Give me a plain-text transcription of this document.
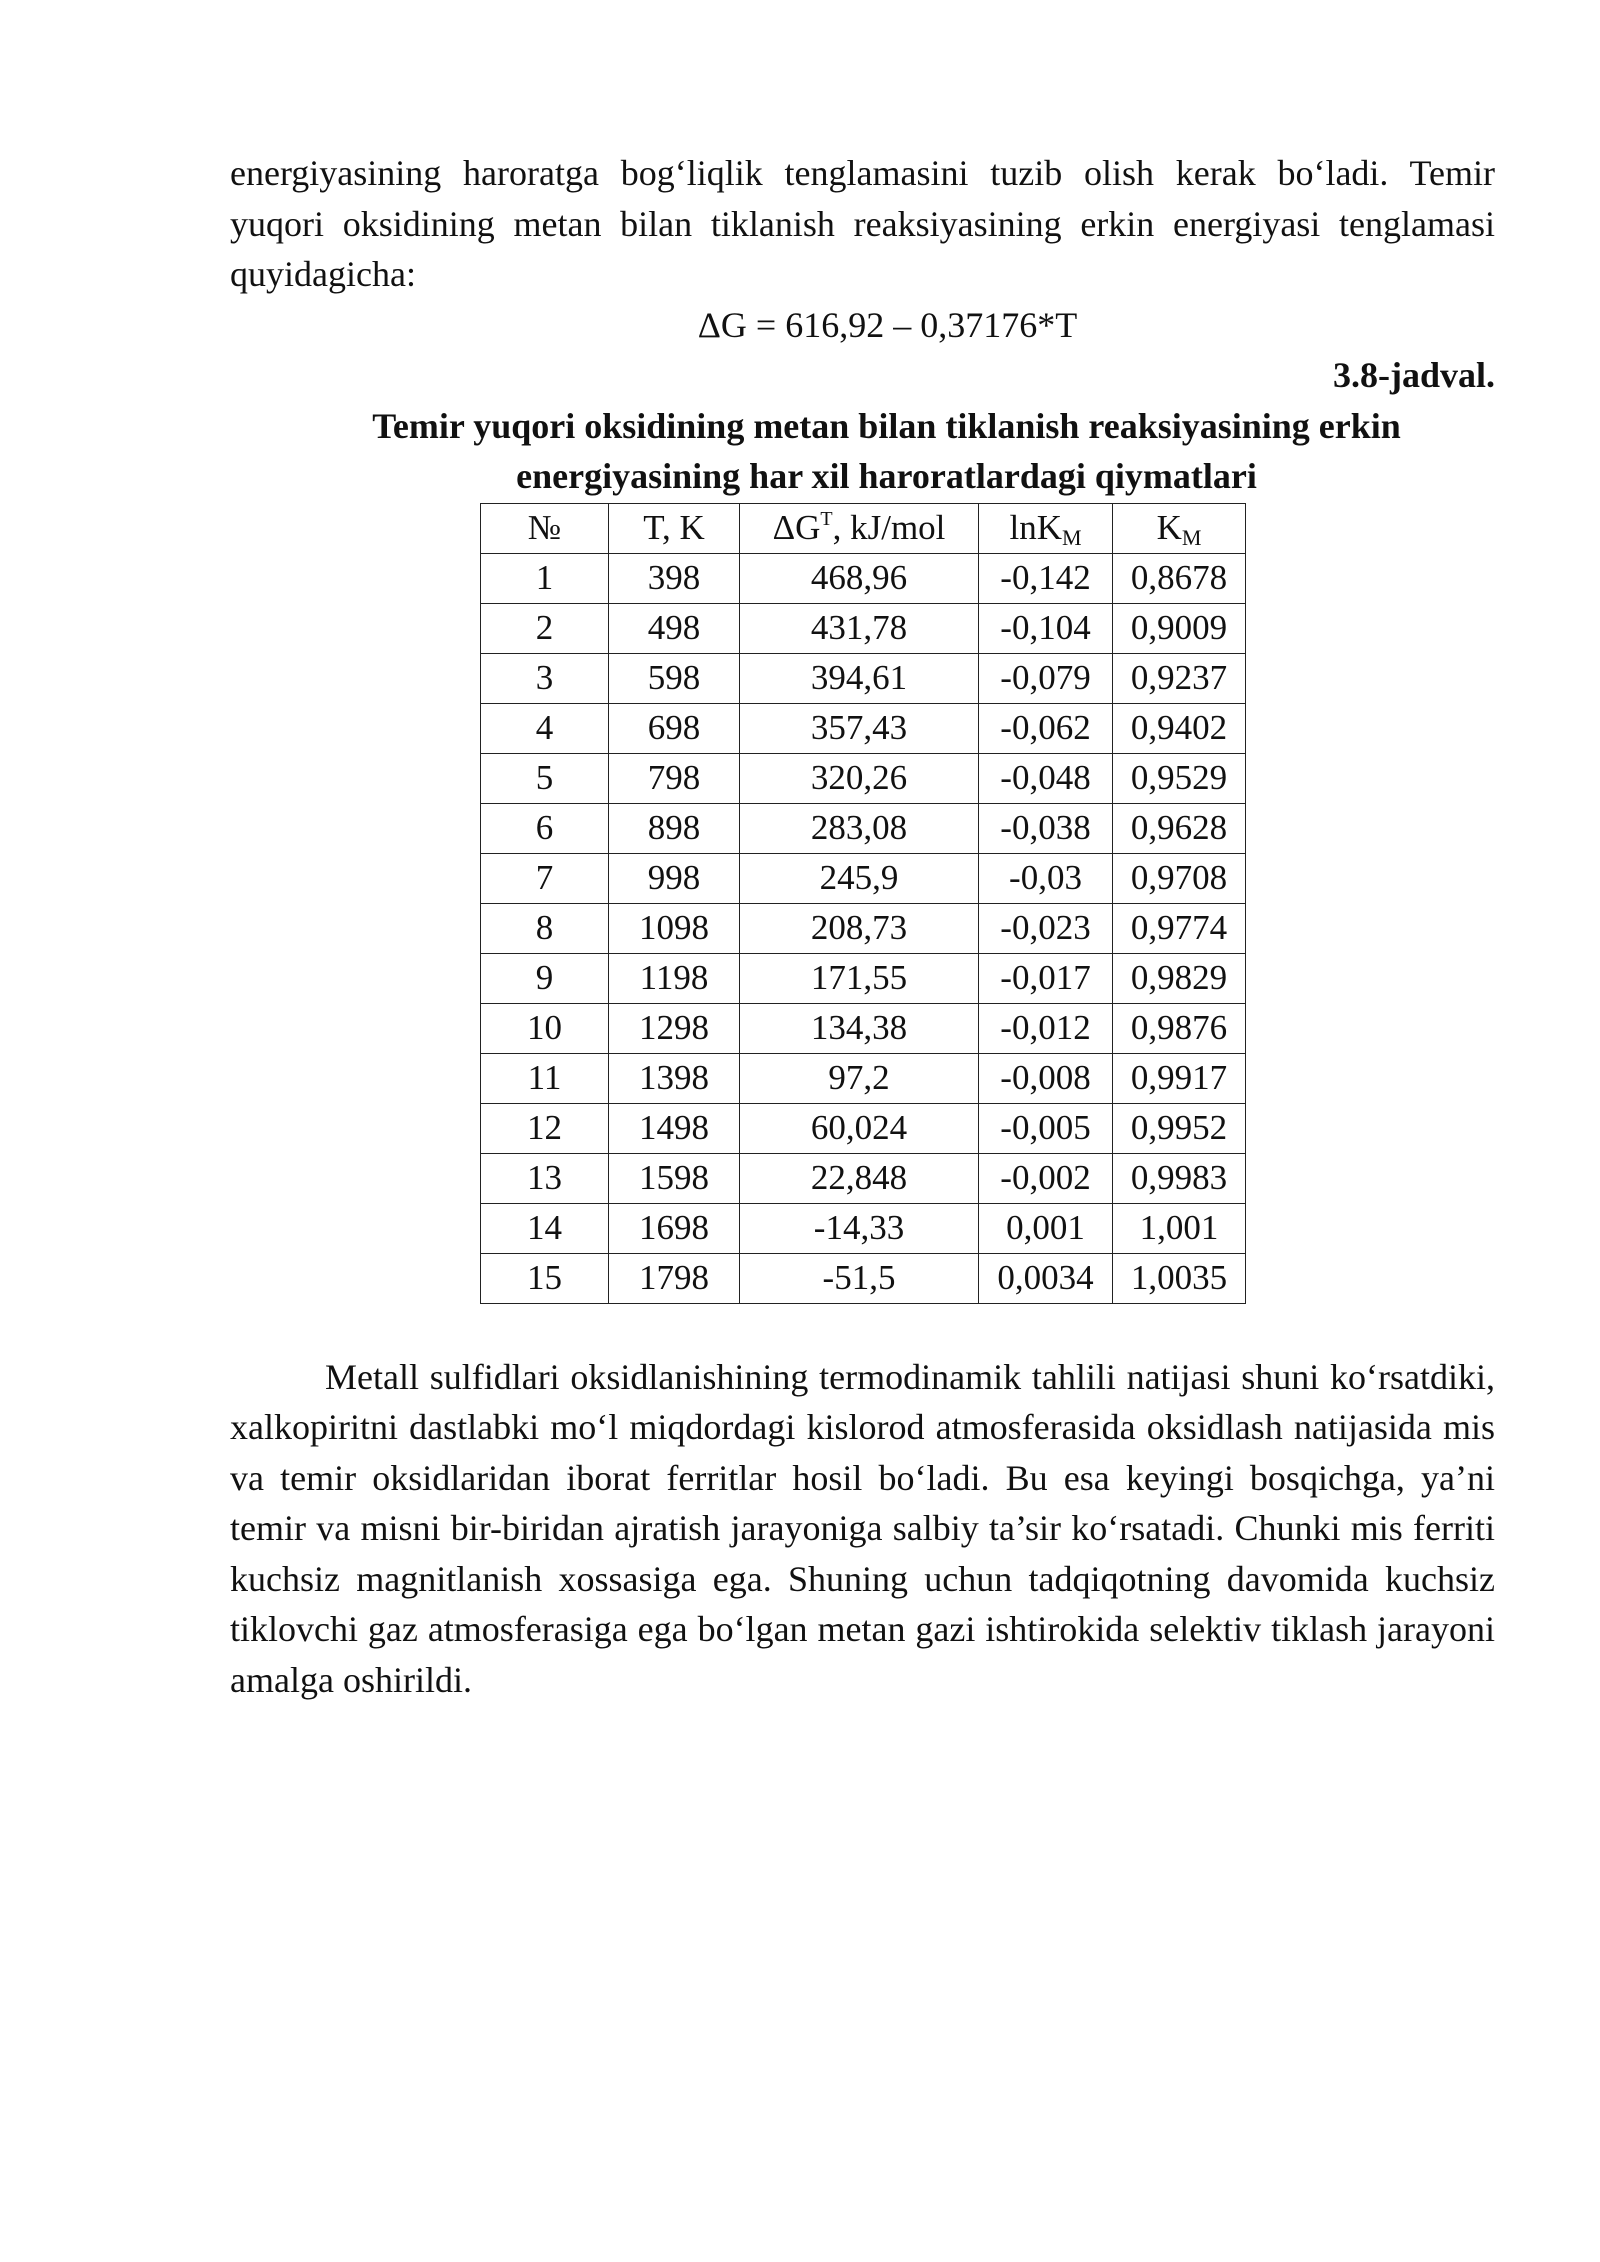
energiyasining haroratga bog‘liqlik tenglamasini tuzib olish kerak bo‘ladi. Temir yuqori oksidining metan bilan tiklanish reaksiyasining erkin energiyasi tenglamasi quyidagicha:

ΔG = 616,92 – 0,37176*T

3.8-jadval.

Temir yuqori oksidining metan bilan tiklanish reaksiyasining erkin
energiyasining har xil haroratlardagi qiymatlari

№	T, K	$\Delta G^T$, kJ/mol	lnK$_M$	$K_M$
1	398	468,96	-0,142	0,8678
2	498	431,78	-0,104	0,9009
3	598	394,61	-0,079	0,9237
4	698	357,43	-0,062	0,9402
5	798	320,26	-0,048	0,9529
6	898	283,08	-0,038	0,9628
7	998	245,9	-0,03	0,9708
8	1098	208,73	-0,023	0,9774
9	1198	171,55	-0,017	0,9829
10	1298	134,38	-0,012	0,9876
11	1398	97,2	-0,008	0,9917
12	1498	60,024	-0,005	0,9952
13	1598	22,848	-0,002	0,9983
14	1698	-14,33	0,001	1,001
15	1798	-51,5	0,0034	1,0035

Metall sulfidlari oksidlanishining termodinamik tahlili natijasi shuni ko‘rsatdiki, xalkopiritni dastlabki mo‘l miqdordagi kislorod atmosferasida oksidlash natijasida mis va temir oksidlaridan iborat ferritlar hosil bo‘ladi. Bu esa keyingi bosqichga, ya’ni temir va misni bir-biridan ajratish jarayoniga salbiy ta’sir ko‘rsatadi. Chunki mis ferriti kuchsiz magnitlanish xossasiga ega. Shuning uchun tadqiqotning davomida kuchsiz tiklovchi gaz atmosferasiga ega bo‘lgan metan gazi ishtirokida selektiv tiklash jarayoni amalga oshirildi.
